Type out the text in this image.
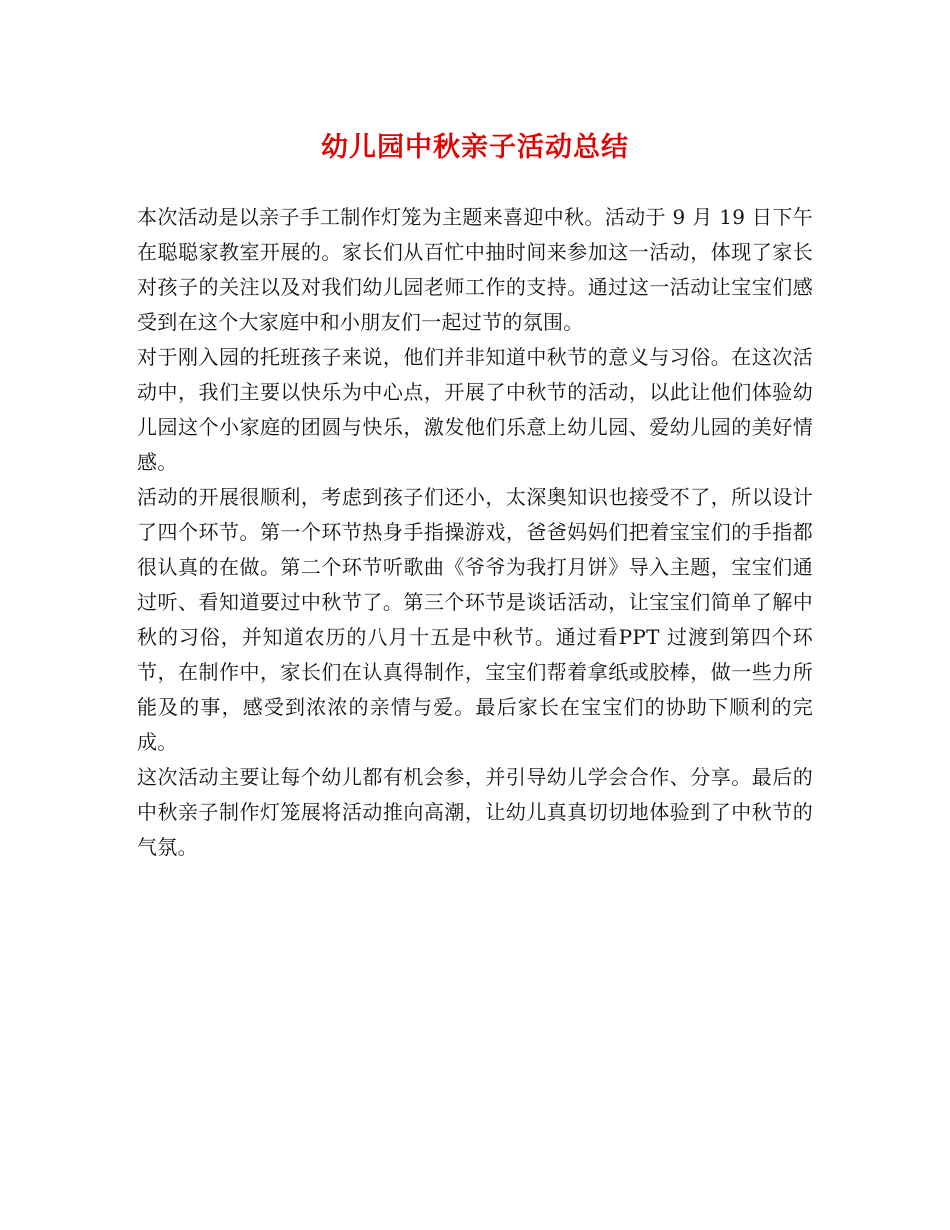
幼儿园中秋亲子活动总结

本次活动是以亲子手工制作灯笼为主题来喜迎中秋。活动于 9 月 19 日下午在聪聪家教室开展的。家长们从百忙中抽时间来参加这一活动，体现了家长对孩子的关注以及对我们幼儿园老师工作的支持。通过这一活动让宝宝们感受到在这个大家庭中和小朋友们一起过节的氛围。

对于刚入园的托班孩子来说，他们并非知道中秋节的意义与习俗。在这次活动中，我们主要以快乐为中心点，开展了中秋节的活动，以此让他们体验幼儿园这个小家庭的团圆与快乐，激发他们乐意上幼儿园、爱幼儿园的美好情感。

活动的开展很顺利，考虑到孩子们还小，太深奥知识也接受不了，所以设计了四个环节。第一个环节热身手指操游戏，爸爸妈妈们把着宝宝们的手指都很认真的在做。第二个环节听歌曲《爷爷为我打月饼》导入主题，宝宝们通过听、看知道要过中秋节了。第三个环节是谈话活动，让宝宝们简单了解中秋的习俗，并知道农历的八月十五是中秋节。通过看PPT 过渡到第四个环节，在制作中，家长们在认真得制作，宝宝们帮着拿纸或胶棒，做一些力所能及的事，感受到浓浓的亲情与爱。最后家长在宝宝们的协助下顺利的完成。

这次活动主要让每个幼儿都有机会参，并引导幼儿学会合作、分享。最后的中秋亲子制作灯笼展将活动推向高潮，让幼儿真真切切地体验到了中秋节的气氛。
